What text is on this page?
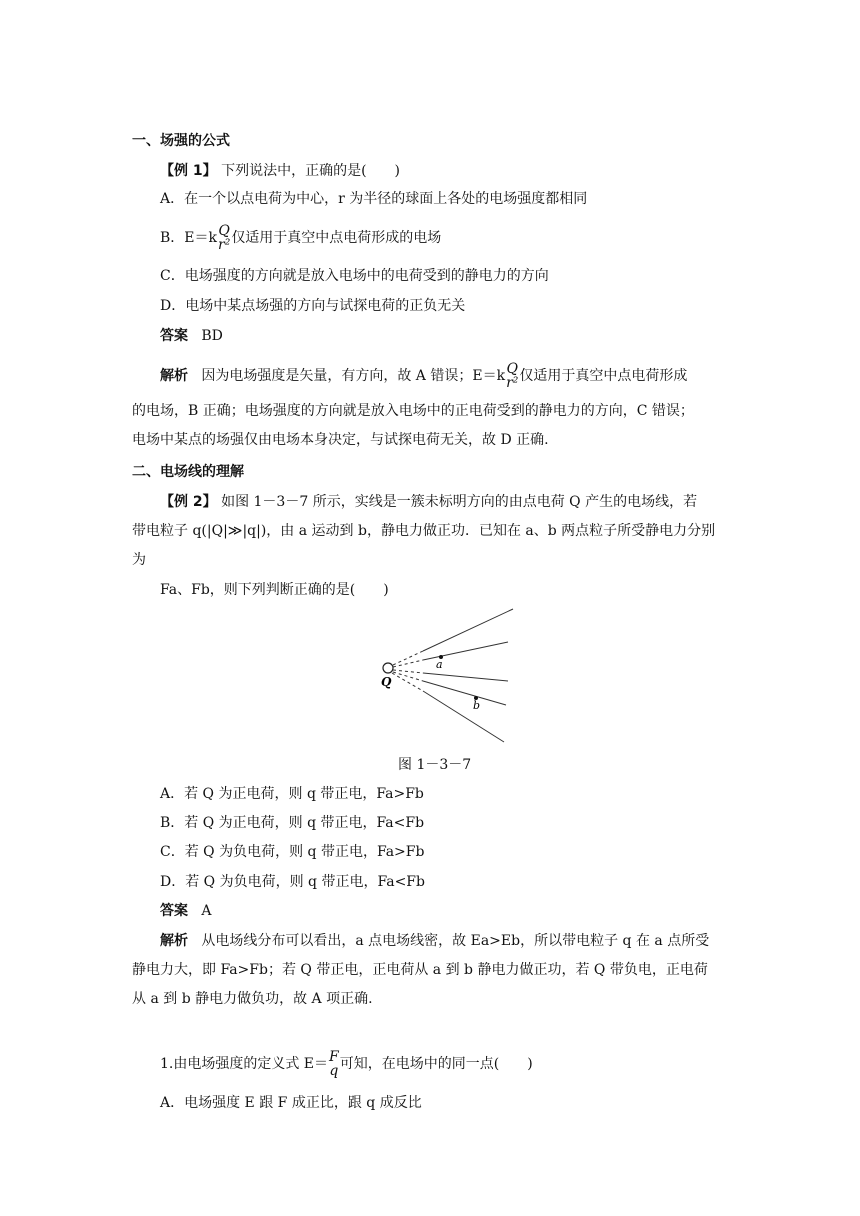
一、场强的公式
【例 1】 下列说法中，正确的是(　　)
A．在一个以点电荷为中心，r 为半径的球面上各处的电场强度都相同
B．E＝k Q
r² 仅适用于真空中点电荷形成的电场
C．电场强度的方向就是放入电场中的电荷受到的静电力的方向
D．电场中某点场强的方向与试探电荷的正负无关
答案 BD
解析 因为电场强度是矢量，有方向，故 A 错误；E＝k Q
r² 仅适用于真空中点电荷形成
的电场，B 正确；电场强度的方向就是放入电场中的正电荷受到的静电力的方向，C 错误；
电场中某点的场强仅由电场本身决定，与试探电荷无关，故 D 正确.
二、电场线的理解
【例 2】 如图 1－3－7 所示，实线是一簇未标明方向的由点电荷 Q 产生的电场线，若
带电粒子 q(|Q|≫|q|)，由 a 运动到 b，静电力做正功．已知在 a、b 两点粒子所受静电力分别
为
Fa、Fb，则下列判断正确的是(　　)
a
b
Q
图 1－3－7
A．若 Q 为正电荷，则 q 带正电，Fa>Fb
B．若 Q 为正电荷，则 q 带正电，Fa<Fb
C．若 Q 为负电荷，则 q 带正电，Fa>Fb
D．若 Q 为负电荷，则 q 带正电，Fa<Fb
答案 A
解析 从电场线分布可以看出，a 点电场线密，故 Ea>Eb，所以带电粒子 q 在 a 点所受
静电力大，即 Fa>Fb；若 Q 带正电，正电荷从 a 到 b 静电力做正功，若 Q 带负电，正电荷
从 a 到 b 静电力做负功，故 A 项正确.
1.由电场强度的定义式 E＝ F
q 可知，在电场中的同一点(　　)
A．电场强度 E 跟 F 成正比，跟 q 成反比
